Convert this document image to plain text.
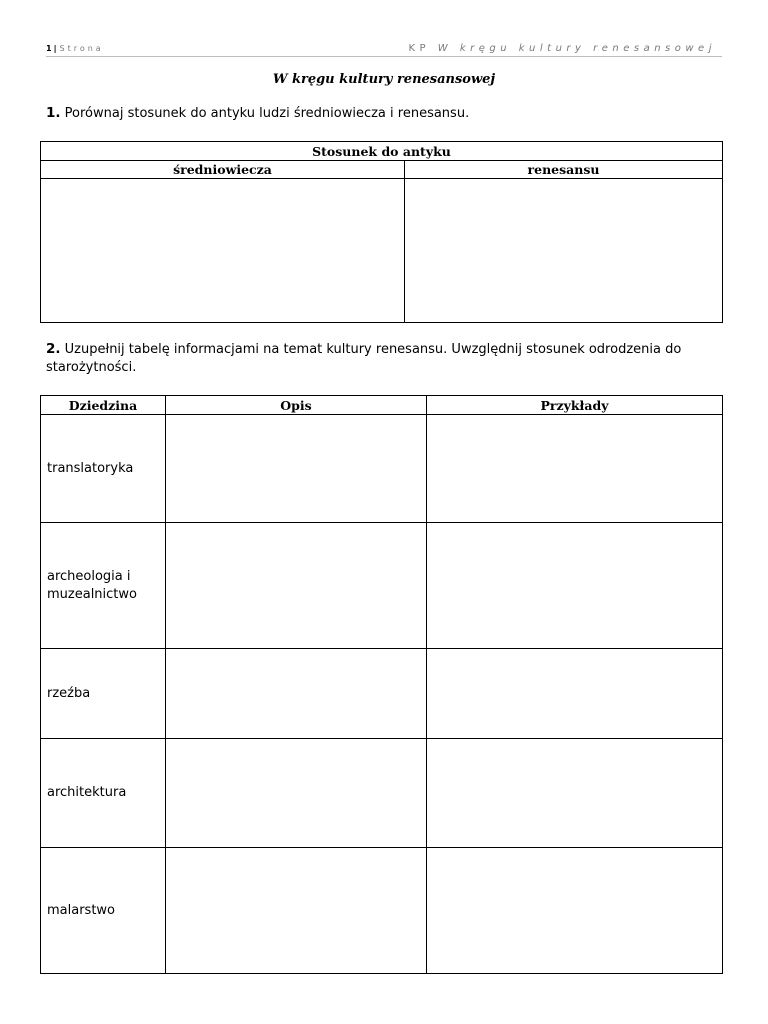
1 | Strona	KP W kręgu kultury renesansowej
W kręgu kultury renesansowej
1. Porównaj stosunek do antyku ludzi średniowiecza i renesansu.
Stosunek do antyku	
średniowiecza	renesansu

2. Uzupełnij tabelę informacjami na temat kultury renesansu. Uwzględnij stosunek odrodzenia do starożytności.
Dziedzina	Opis	Przykłady
translatoryka		
archeologia i muzealnictwo		
rzeźba		
architektura		
malarstwo		
